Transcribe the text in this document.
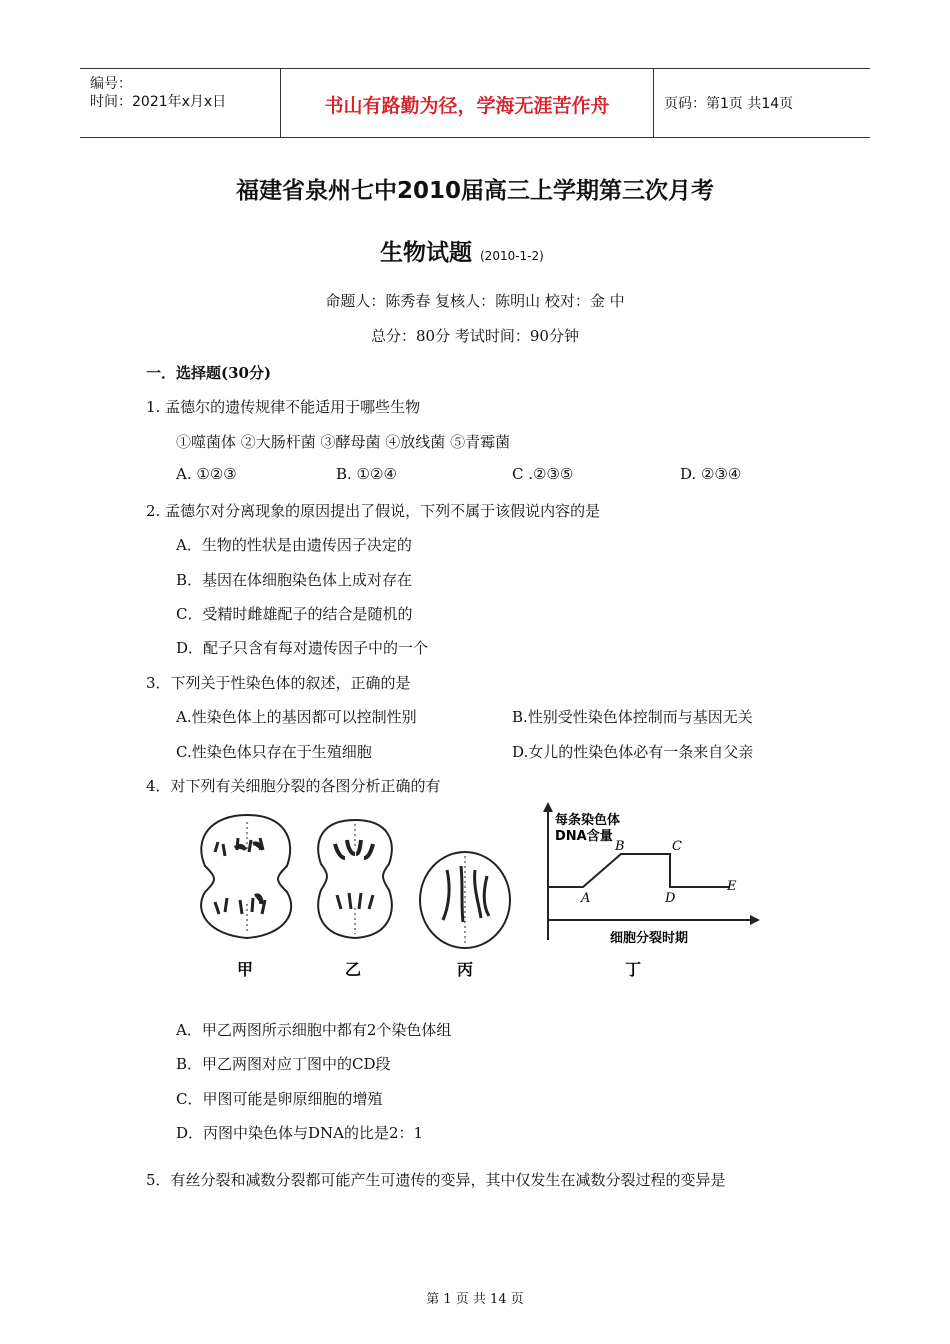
编号：
时间：2021年x月x日	书山有路勤为径，学海无涯苦作舟	页码：第1页 共14页
福建省泉州七中2010届高三上学期第三次月考
生物试题 (2010-1-2)
命题人：陈秀春 复核人：陈明山 校对：金 中
总分：80分 考试时间：90分钟
一．选择题(30分)
1. 孟德尔的遗传规律不能适用于哪些生物
①噬菌体 ②大肠杆菌 ③酵母菌 ④放线菌 ⑤青霉菌
A. ①②③	B. ①②④	C .②③⑤	D. ②③④
2. 孟德尔对分离现象的原因提出了假说，下列不属于该假说内容的是
A．生物的性状是由遗传因子决定的
B．基因在体细胞染色体上成对存在
C．受精时雌雄配子的结合是随机的
D．配子只含有每对遗传因子中的一个
3．下列关于性染色体的叙述，正确的是
A.性染色体上的基因都可以控制性别	B.性别受性染色体控制而与基因无关
C.性染色体只存在于生殖细胞	D.女儿的性染色体必有一条来自父亲
4．对下列有关细胞分裂的各图分析正确的有
每条染色体
DNA含量
细胞分裂时期
A
B	C
D
E
甲	乙	丙	丁
A．甲乙两图所示细胞中都有2个染色体组
B．甲乙两图对应丁图中的CD段
C．甲图可能是卵原细胞的增殖
D．丙图中染色体与DNA的比是2：1
5．有丝分裂和减数分裂都可能产生可遗传的变异，其中仅发生在减数分裂过程的变异是
第 1 页 共 14 页
